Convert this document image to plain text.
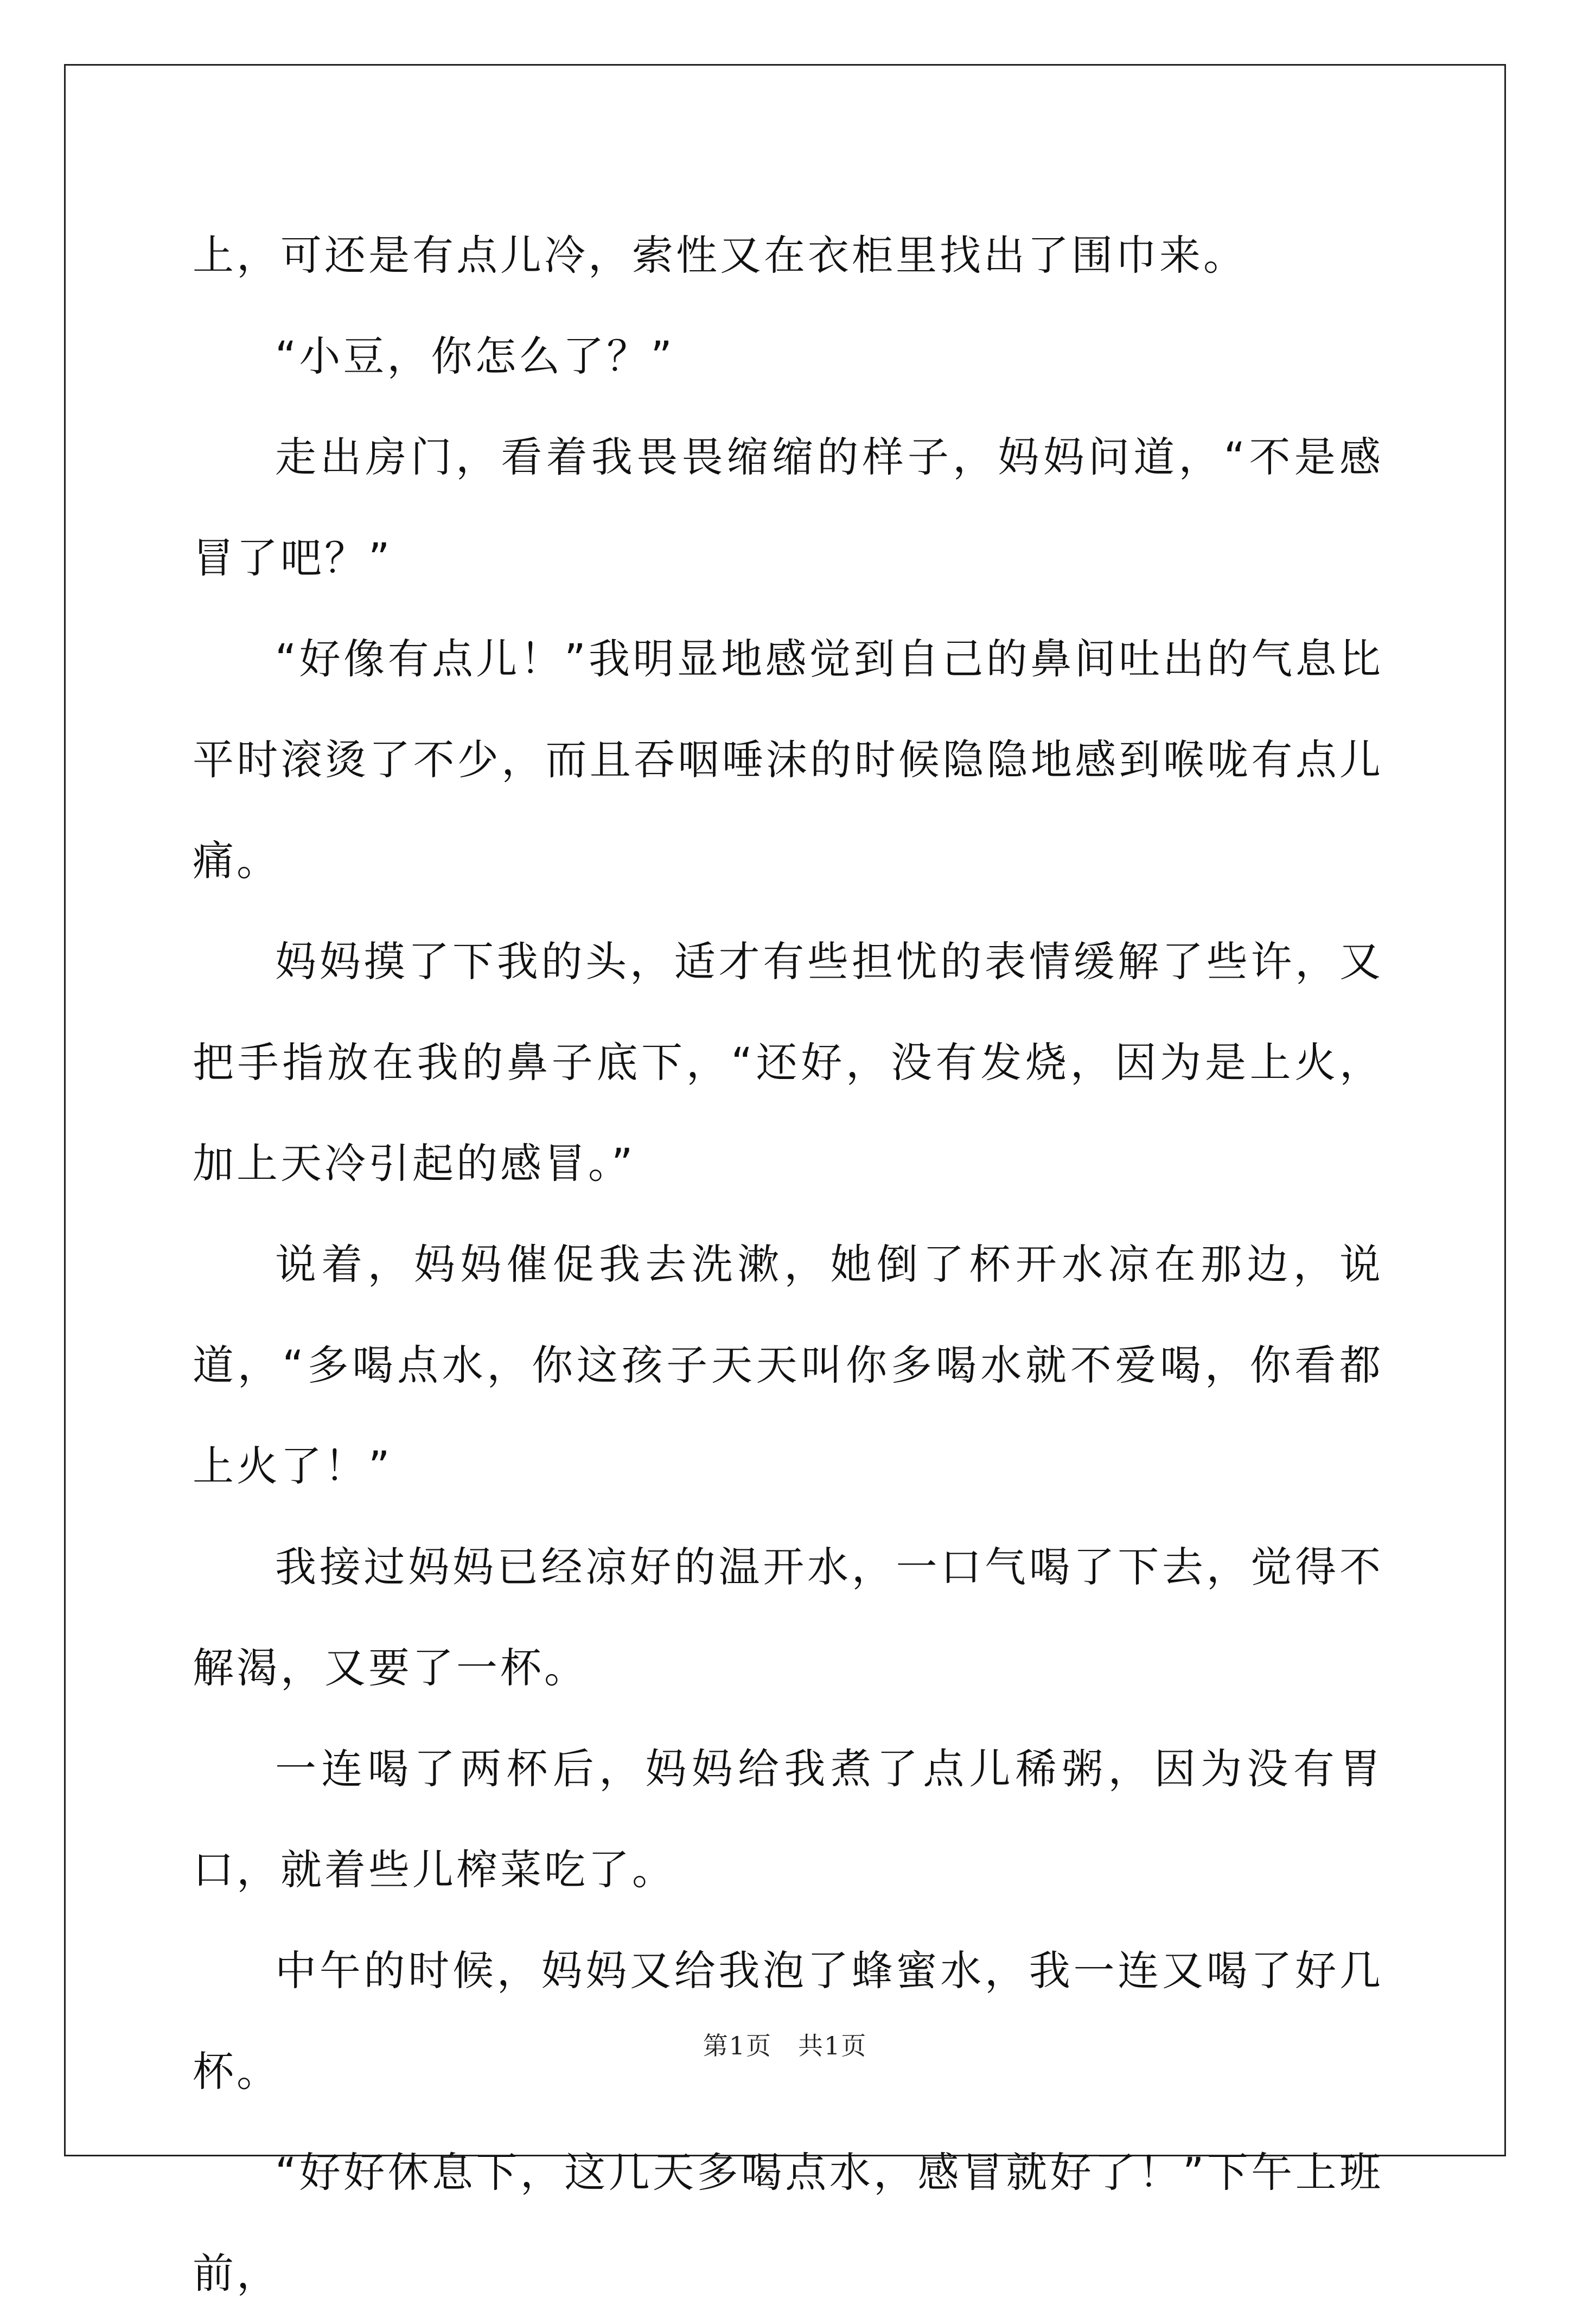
上，可还是有点儿冷，索性又在衣柜里找出了围巾来。

“小豆，你怎么了？”

走出房门，看着我畏畏缩缩的样子，妈妈问道，“不是感冒了吧？”

“好像有点儿！”我明显地感觉到自己的鼻间吐出的气息比平时滚烫了不少，而且吞咽唾沫的时候隐隐地感到喉咙有点儿痛。

妈妈摸了下我的头，适才有些担忧的表情缓解了些许，又把手指放在我的鼻子底下，“还好，没有发烧，因为是上火，加上天冷引起的感冒。”

说着，妈妈催促我去洗漱，她倒了杯开水凉在那边，说道，“多喝点水，你这孩子天天叫你多喝水就不爱喝，你看都上火了！”

我接过妈妈已经凉好的温开水，一口气喝了下去，觉得不解渴，又要了一杯。

一连喝了两杯后，妈妈给我煮了点儿稀粥，因为没有胃口，就着些儿榨菜吃了。

中午的时候，妈妈又给我泡了蜂蜜水，我一连又喝了好几杯。

“好好休息下，这几天多喝点水，感冒就好了！”下午上班前，

第1页 共1页
